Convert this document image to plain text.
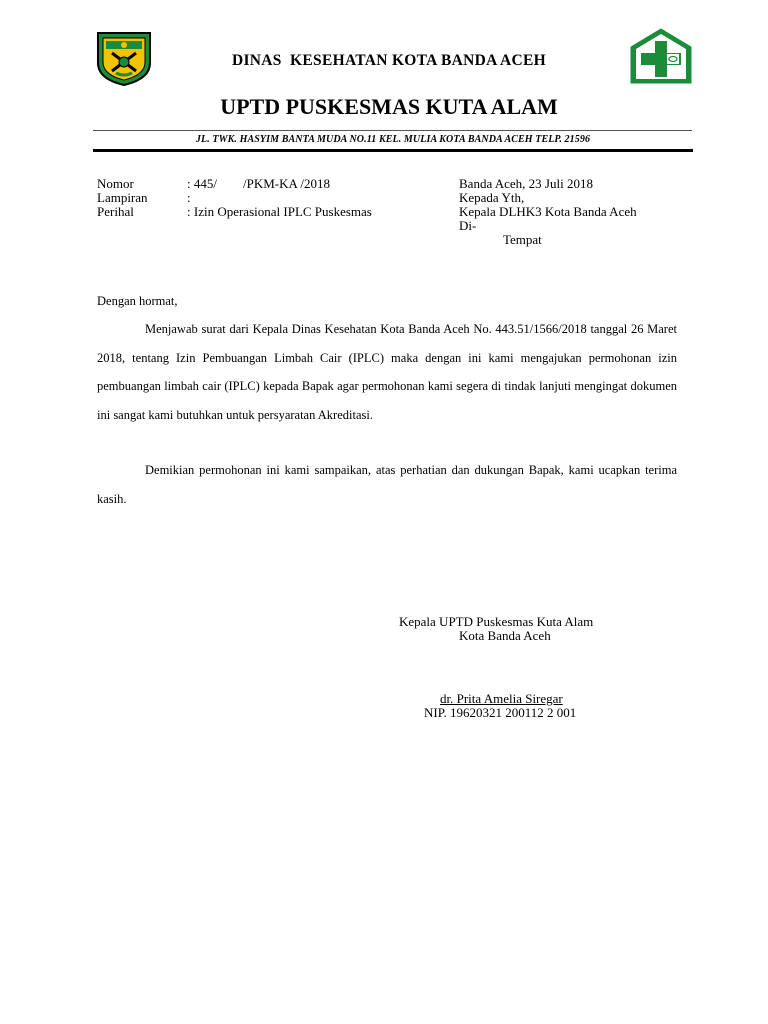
DINAS  KESEHATAN KOTA BANDA ACEH
UPTD PUSKESMAS KUTA ALAM
JL. TWK. HASYIM BANTA MUDA NO.11 KEL. MULIA KOTA BANDA ACEH TELP. 21596
Nomor	: 445/        /PKM-KA /2018
Lampiran	:
Perihal	: Izin Operasional IPLC Puskesmas
Banda Aceh, 23 Juli 2018
Kepada Yth,
Kepala DLHK3 Kota Banda Aceh
Di-
Tempat
Dengan hormat,

Menjawab surat dari Kepala Dinas Kesehatan Kota Banda Aceh No. 443.51/1566/2018 tanggal 26 Maret 2018, tentang Izin Pembuangan Limbah Cair (IPLC) maka dengan ini kami mengajukan permohonan izin pembuangan limbah cair (IPLC) kepada Bapak agar permohonan kami segera di tindak lanjuti mengingat dokumen ini sangat kami butuhkan untuk persyaratan Akreditasi.

Demikian permohonan ini kami sampaikan, atas perhatian dan dukungan Bapak, kami ucapkan terima kasih.

Kepala UPTD Puskesmas Kuta Alam
Kota Banda Aceh
dr. Prita Amelia Siregar
NIP. 19620321 200112 2 001
